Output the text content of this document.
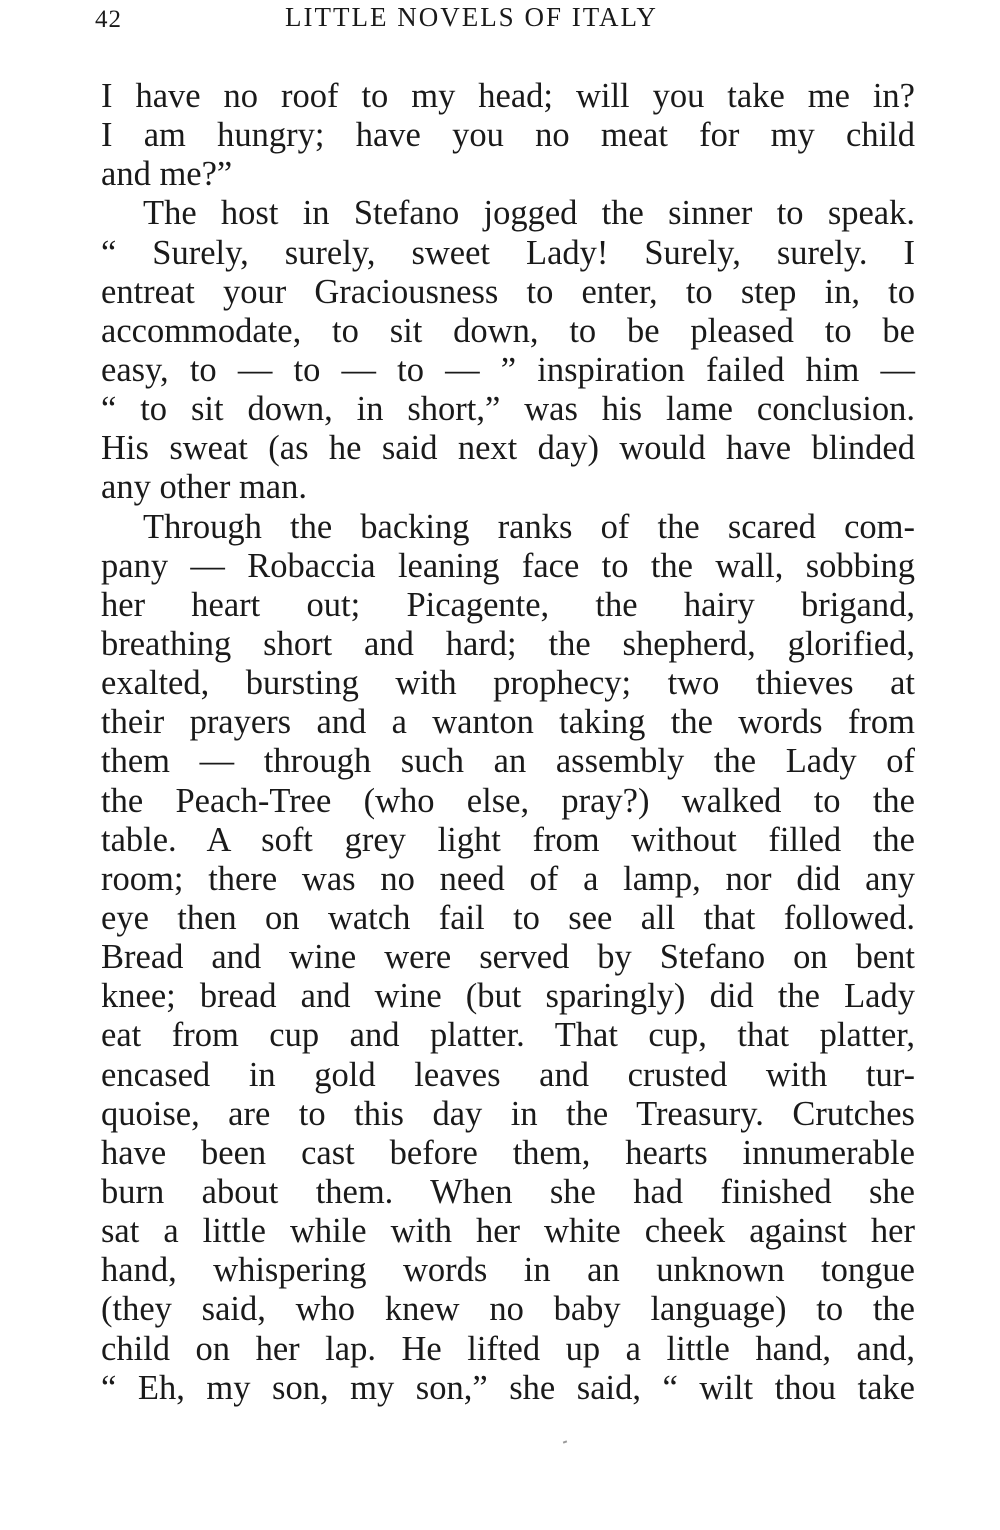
42	LITTLE NOVELS OF ITALY
I have no roof to my head; will you take me in?
I am hungry; have you no meat for my child
and me?”
The host in Stefano jogged the sinner to speak.
“ Surely, surely, sweet Lady! Surely, surely. I
entreat your Graciousness to enter, to step in, to
accommodate, to sit down, to be pleased to be
easy, to — to — to — ” inspiration failed him —
“ to sit down, in short,” was his lame conclusion.
His sweat (as he said next day) would have blinded
any other man.
Through the backing ranks of the scared com-
pany — Robaccia leaning face to the wall, sobbing
her heart out; Picagente, the hairy brigand,
breathing short and hard; the shepherd, glorified,
exalted, bursting with prophecy; two thieves at
their prayers and a wanton taking the words from
them — through such an assembly the Lady of
the Peach-Tree (who else, pray?) walked to the
table. A soft grey light from without filled the
room; there was no need of a lamp, nor did any
eye then on watch fail to see all that followed.
Bread and wine were served by Stefano on bent
knee; bread and wine (but sparingly) did the Lady
eat from cup and platter. That cup, that platter,
encased in gold leaves and crusted with tur-
quoise, are to this day in the Treasury. Crutches
have been cast before them, hearts innumerable
burn about them. When she had finished she
sat a little while with her white cheek against her
hand, whispering words in an unknown tongue
(they said, who knew no baby language) to the
child on her lap. He lifted up a little hand, and,
“ Eh, my son, my son,” she said, “ wilt thou take
